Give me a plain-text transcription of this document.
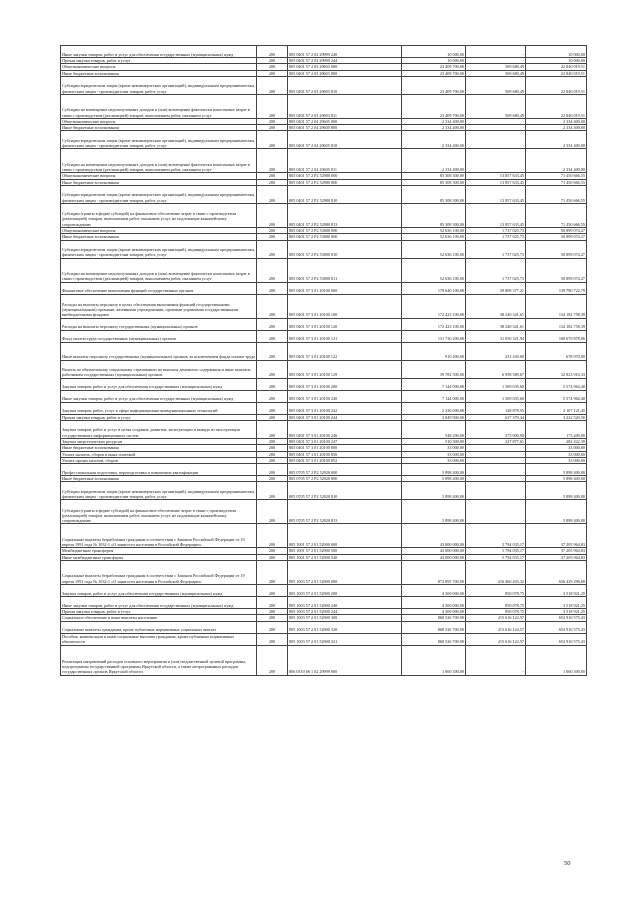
Иные закупки товаров, работ и услуг для обеспечения государственных (муниципальных) нужд	200	805 0401 57 2 02 29999 240	10 000,00	-	10 000,00
Прочая закупка товаров, работ и услуг	200	805 0401 57 2 02 29999 244	10 000,00	-	10 000,00
Общеэкономические вопросы	200	805 0401 57 2 03 29603 000	23 409 700,00	569 680,49	22 840 019,51
Иные бюджетные ассигнования	200	805 0401 57 2 03 29603 800	23 409 700,00	569 680,49	22 840 019,51
Субсидии юридическим лицам (кроме некоммерческих организаций), индивидуальным предпринимателям, физическим лицам - производителям товаров, работ, услуг	200	805 0401 57 2 03 29603 810	23 409 700,00	569 680,49	22 840 019,51
Субсидии на возмещение недополученных доходов и (или) возмещение фактически понесенных затрат в связи с производством (реализацией) товаров, выполнением работ, оказанием услуг	200	805 0401 57 2 03 29603 811	23 409 700,00	569 680,49	22 840 019,51
Общеэкономические вопросы	200	805 0401 57 2 04 29605 000	2 334 400,00	-	2 334 400,00
Иные бюджетные ассигнования	200	805 0401 57 2 04 29605 800	2 334 400,00	-	2 334 400,00
Субсидии юридическим лицам (кроме некоммерческих организаций), индивидуальным предпринимателям, физическим лицам - производителям товаров, работ, услуг	200	805 0401 57 2 04 29605 810	2 334 400,00	-	2 334 400,00
Субсидии на возмещение недополученных доходов и (или) возмещение фактически понесенных затрат в связи с производством (реализацией) товаров, выполнением работ, оказанием услуг	200	805 0401 57 2 04 29605 811	2 334 400,00	-	2 334 400,00
Общеэкономические вопросы	200	805 0401 57 2 Р2 52980 000	85 308 300,00	13 857 633,45	71 450 666,55
Иные бюджетные ассигнования	200	805 0401 57 2 Р2 52980 800	85 308 300,00	13 857 633,45	71 450 666,55
Субсидии юридическим лицам (кроме некоммерческих организаций), индивидуальным предпринимателям, физическим лицам - производителям товаров, работ, услуг	200	805 0401 57 2 Р2 52980 810	85 308 300,00	13 857 633,45	71 450 666,55
Субсидии (гранты в форме субсидий) на финансовое обеспечение затрат в связи с производством (реализацией) товаров, выполнением работ, оказанием услуг, не подлежащие казначейскому сопровождению	200	805 0401 57 2 Р2 52980 813	85 308 300,00	13 857 633,45	71 450 666,55
Общеэкономические вопросы	200	805 0401 57 2 Р2 53000 000	52 636 100,00	1 737 025,73	50 899 074,27
Иные бюджетные ассигнования	200	805 0401 57 2 Р2 53000 800	52 636 100,00	1 737 025,73	50 899 074,27
Субсидии юридическим лицам (кроме некоммерческих организаций), индивидуальным предпринимателям, физическим лицам - производителям товаров, работ, услуг	200	805 0401 57 2 Р2 53000 810	52 636 100,00	1 737 025,73	50 899 074,27
Субсидии на возмещение недополученных доходов и (или) возмещение фактически понесенных затрат в связи с производством (реализацией) товаров, выполнением работ, оказанием услуг	200	805 0401 57 2 Р2 53000 811	52 636 100,00	1 737 025,73	50 899 074,27
Финансовое обеспечение выполнения функций государственных органов	200	805 0401 57 3 01 20100 000	179 640 100,00	39 809 377,21	139 790 722,79
Расходы на выплаты персоналу в целях обеспечения выполнения функций государственными (муниципальными) органами, казенными учреждениями, органами управления государственными внебюджетными фондами	200	805 0401 57 3 01 20100 100	172 423 100,00	38 240 341,61	134 182 758,39
Расходы на выплаты персоналу государственных (муниципальных) органов	200	805 0401 57 3 01 20100 120	172 423 100,00	38 240 341,61	134 182 758,39
Фонд оплаты труда государственных (муниципальных) органов	200	805 0401 57 3 01 20100 121	131 730 200,00	31 050 321,94	100 679 878,06
Иные выплаты персоналу государственных (муниципальных) органов, за исключением фонда оплаты труда	200	805 0401 57 3 01 20100 122	910 400,00	231 430,00	678 970,00
Взносы по обязательному социальному страхованию на выплаты денежного содержания и иные выплаты работникам государственных (муниципальных) органов	200	805 0401 57 3 01 20100 129	39 782 500,00	6 958 589,67	32 823 910,33
Закупка товаров, работ и услуг для обеспечения государственных (муниципальных) нужд	200	805 0401 57 3 01 20100 200	7 144 000,00	1 569 035,60	5 574 964,40
Иные закупки товаров, работ и услуг для обеспечения государственных (муниципальных) нужд	200	805 0401 57 3 01 20100 240	7 144 000,00	1 569 035,60	5 574 964,40
Закупка товаров, работ, услуг в сфере информационно-коммуникационных технологий	200	805 0401 57 3 01 20100 242	2 236 000,00	128 878,55	2 107 121,45
Прочая закупка товаров, работ и услуг	200	805 0401 57 3 01 20100 244	3 849 900,00	627 379,44	3 222 520,56
Закупка товаров, работ и услуг в целях создания, развития, эксплуатации и вывода из эксплуатации государственных информационных систем	200	805 0401 57 3 01 20100 246	548 200,00	375 000,00	173 200,00
Закупка энергетических ресурсов	200	805 0401 57 3 01 20100 247	510 300,00	227 877,61	282 422,39
Иные бюджетные ассигнования	200	805 0401 57 3 01 20100 800	33 000,00	-	33 000,00
Уплата налогов, сборов и иных платежей	200	805 0401 57 3 01 20100 850	33 000,00	-	33 000,00
Уплата прочих налогов, сборов	200	805 0401 57 3 01 20100 852	33 000,00	-	33 000,00
Профессиональная подготовка, переподготовка и повышение квалификации	200	805 0705 57 2 Р2 52920 000	5 898 400,00	-	5 898 400,00
Иные бюджетные ассигнования	200	805 0705 57 2 Р2 52920 800	5 898 400,00	-	5 898 400,00
Субсидии юридическим лицам (кроме некоммерческих организаций), индивидуальным предпринимателям, физическим лицам - производителям товаров, работ, услуг	200	805 0705 57 2 Р2 52920 810	5 898 400,00	-	5 898 400,00
Субсидии (гранты в форме субсидий) на финансовое обеспечение затрат в связи с производством (реализацией) товаров, выполнением работ, оказанием услуг, не подлежащие казначейскому сопровождению	200	805 0705 57 2 Р2 52920 813	5 898 400,00	-	5 898 400,00
Социальные выплаты безработным гражданам в соответствии с Законом Российской Федерации от 19 апреля 1991 года № 1032-1 «О занятости населения в Российской Федерации»	200	805 1001 57 2 01 52900 000	43 000 000,00	5 794 035,17	37 205 964,83
Межбюджетные трансферты	200	805 1001 57 2 01 52900 500	43 000 000,00	5 794 035,17	37 205 964,83
Иные межбюджетные трансферты	200	805 1001 57 2 01 52900 540	43 000 000,00	5 794 035,17	37 205 964,83
Социальные выплаты безработным гражданам в соответствии с Законом Российской Федерации от 19 апреля 1991 года № 1032-1 «О занятости населения в Российской Федерации»	200	805 1003 57 2 01 52900 000	872 895 700,00	216 466 203,32	656 429 296,68
Закупка товаров, работ и услуг для обеспечения государственных (муниципальных) нужд	200	805 1003 57 2 01 52900 200	4 369 000,00	850 078,75	3 518 921,25
Иные закупки товаров, работ и услуг для обеспечения государственных (муниципальных) нужд	200	805 1003 57 2 01 52900 240	4 369 000,00	850 078,75	3 518 921,25
Прочая закупка товаров, работ и услуг	200	805 1003 57 2 01 52900 244	4 369 000,00	850 078,75	3 518 921,25
Социальное обеспечение и иные выплаты населению	200	805 1003 57 2 01 52900 300	868 526 700,00	215 616 124,57	652 910 575,43
Социальные выплаты гражданам, кроме публичных нормативных социальных выплат	200	805 1003 57 2 01 52900 320	868 526 700,00	215 616 124,57	652 910 575,43
Пособия, компенсации и иные социальные выплаты гражданам, кроме публичных нормативных обязательств	200	805 1003 57 2 01 52900 321	868 526 700,00	215 616 124,57	652 910 575,43
Реализация направлений расходов основного мероприятия и (или) ведомственной целевой программы, подпрограммы государственной программы Иркутской области, а также непрограммных расходов государственных органов Иркутской области	200	806 0310 66 1 02 29999 000	1 060 300,00	-	1 060 300,00
50
